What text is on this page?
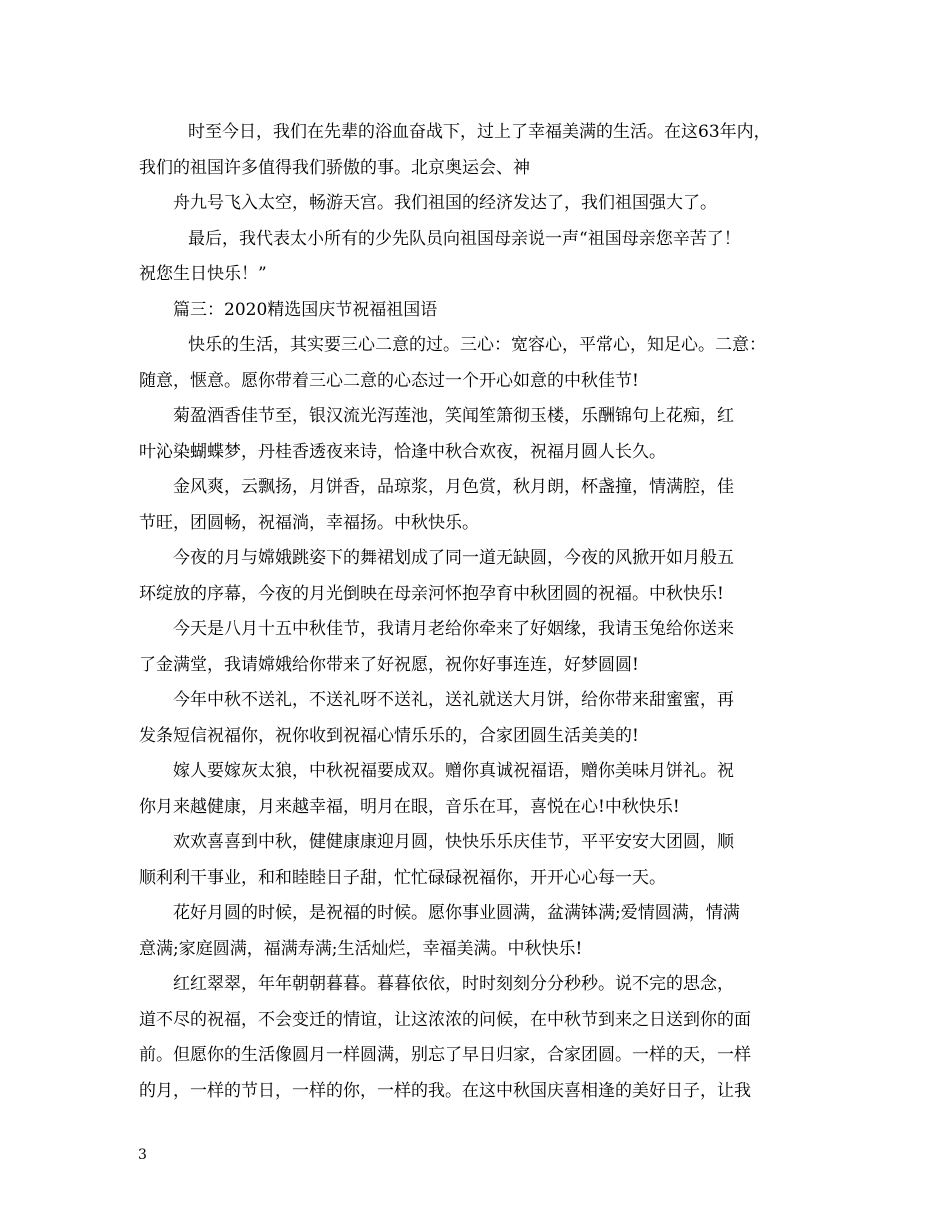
时至今日，我们在先辈的浴血奋战下，过上了幸福美满的生活。在这63年内，
我们的祖国许多值得我们骄傲的事。北京奥运会、神
舟九号飞入太空，畅游天宫。我们祖国的经济发达了，我们祖国强大了。
最后，我代表太小所有的少先队员向祖国母亲说一声“祖国母亲您辛苦了！
祝您生日快乐！”
篇三：2020精选国庆节祝福祖国语
快乐的生活，其实要三心二意的过。三心：宽容心，平常心，知足心。二意：
随意，惬意。愿你带着三心二意的心态过一个开心如意的中秋佳节!
菊盈酒香佳节至，银汉流光泻莲池，笑闻笙箫彻玉楼，乐酬锦句上花痴，红
叶沁染蝴蝶梦，丹桂香透夜来诗，恰逢中秋合欢夜，祝福月圆人长久。
金风爽，云飘扬，月饼香，品琼浆，月色赏，秋月朗，杯盏撞，情满腔，佳
节旺，团圆畅，祝福淌，幸福扬。中秋快乐。
今夜的月与嫦娥跳姿下的舞裙划成了同一道无缺圆，今夜的风掀开如月般五
环绽放的序幕，今夜的月光倒映在母亲河怀抱孕育中秋团圆的祝福。中秋快乐!
今天是八月十五中秋佳节，我请月老给你牵来了好姻缘，我请玉兔给你送来
了金满堂，我请嫦娥给你带来了好祝愿，祝你好事连连，好梦圆圆!
今年中秋不送礼，不送礼呀不送礼，送礼就送大月饼，给你带来甜蜜蜜，再
发条短信祝福你，祝你收到祝福心情乐乐的，合家团圆生活美美的!
嫁人要嫁灰太狼，中秋祝福要成双。赠你真诚祝福语，赠你美味月饼礼。祝
你月来越健康，月来越幸福，明月在眼，音乐在耳，喜悦在心!中秋快乐!
欢欢喜喜到中秋，健健康康迎月圆，快快乐乐庆佳节，平平安安大团圆，顺
顺利利干事业，和和睦睦日子甜，忙忙碌碌祝福你，开开心心每一天。
花好月圆的时候，是祝福的时候。愿你事业圆满，盆满钵满;爱情圆满，情满
意满;家庭圆满，福满寿满;生活灿烂，幸福美满。中秋快乐!
红红翠翠，年年朝朝暮暮。暮暮依依，时时刻刻分分秒秒。说不完的思念，
道不尽的祝福，不会变迁的情谊，让这浓浓的问候，在中秋节到来之日送到你的面
前。但愿你的生活像圆月一样圆满，别忘了早日归家，合家团圆。一样的天，一样
的月，一样的节日，一样的你，一样的我。在这中秋国庆喜相逢的美好日子，让我
3
